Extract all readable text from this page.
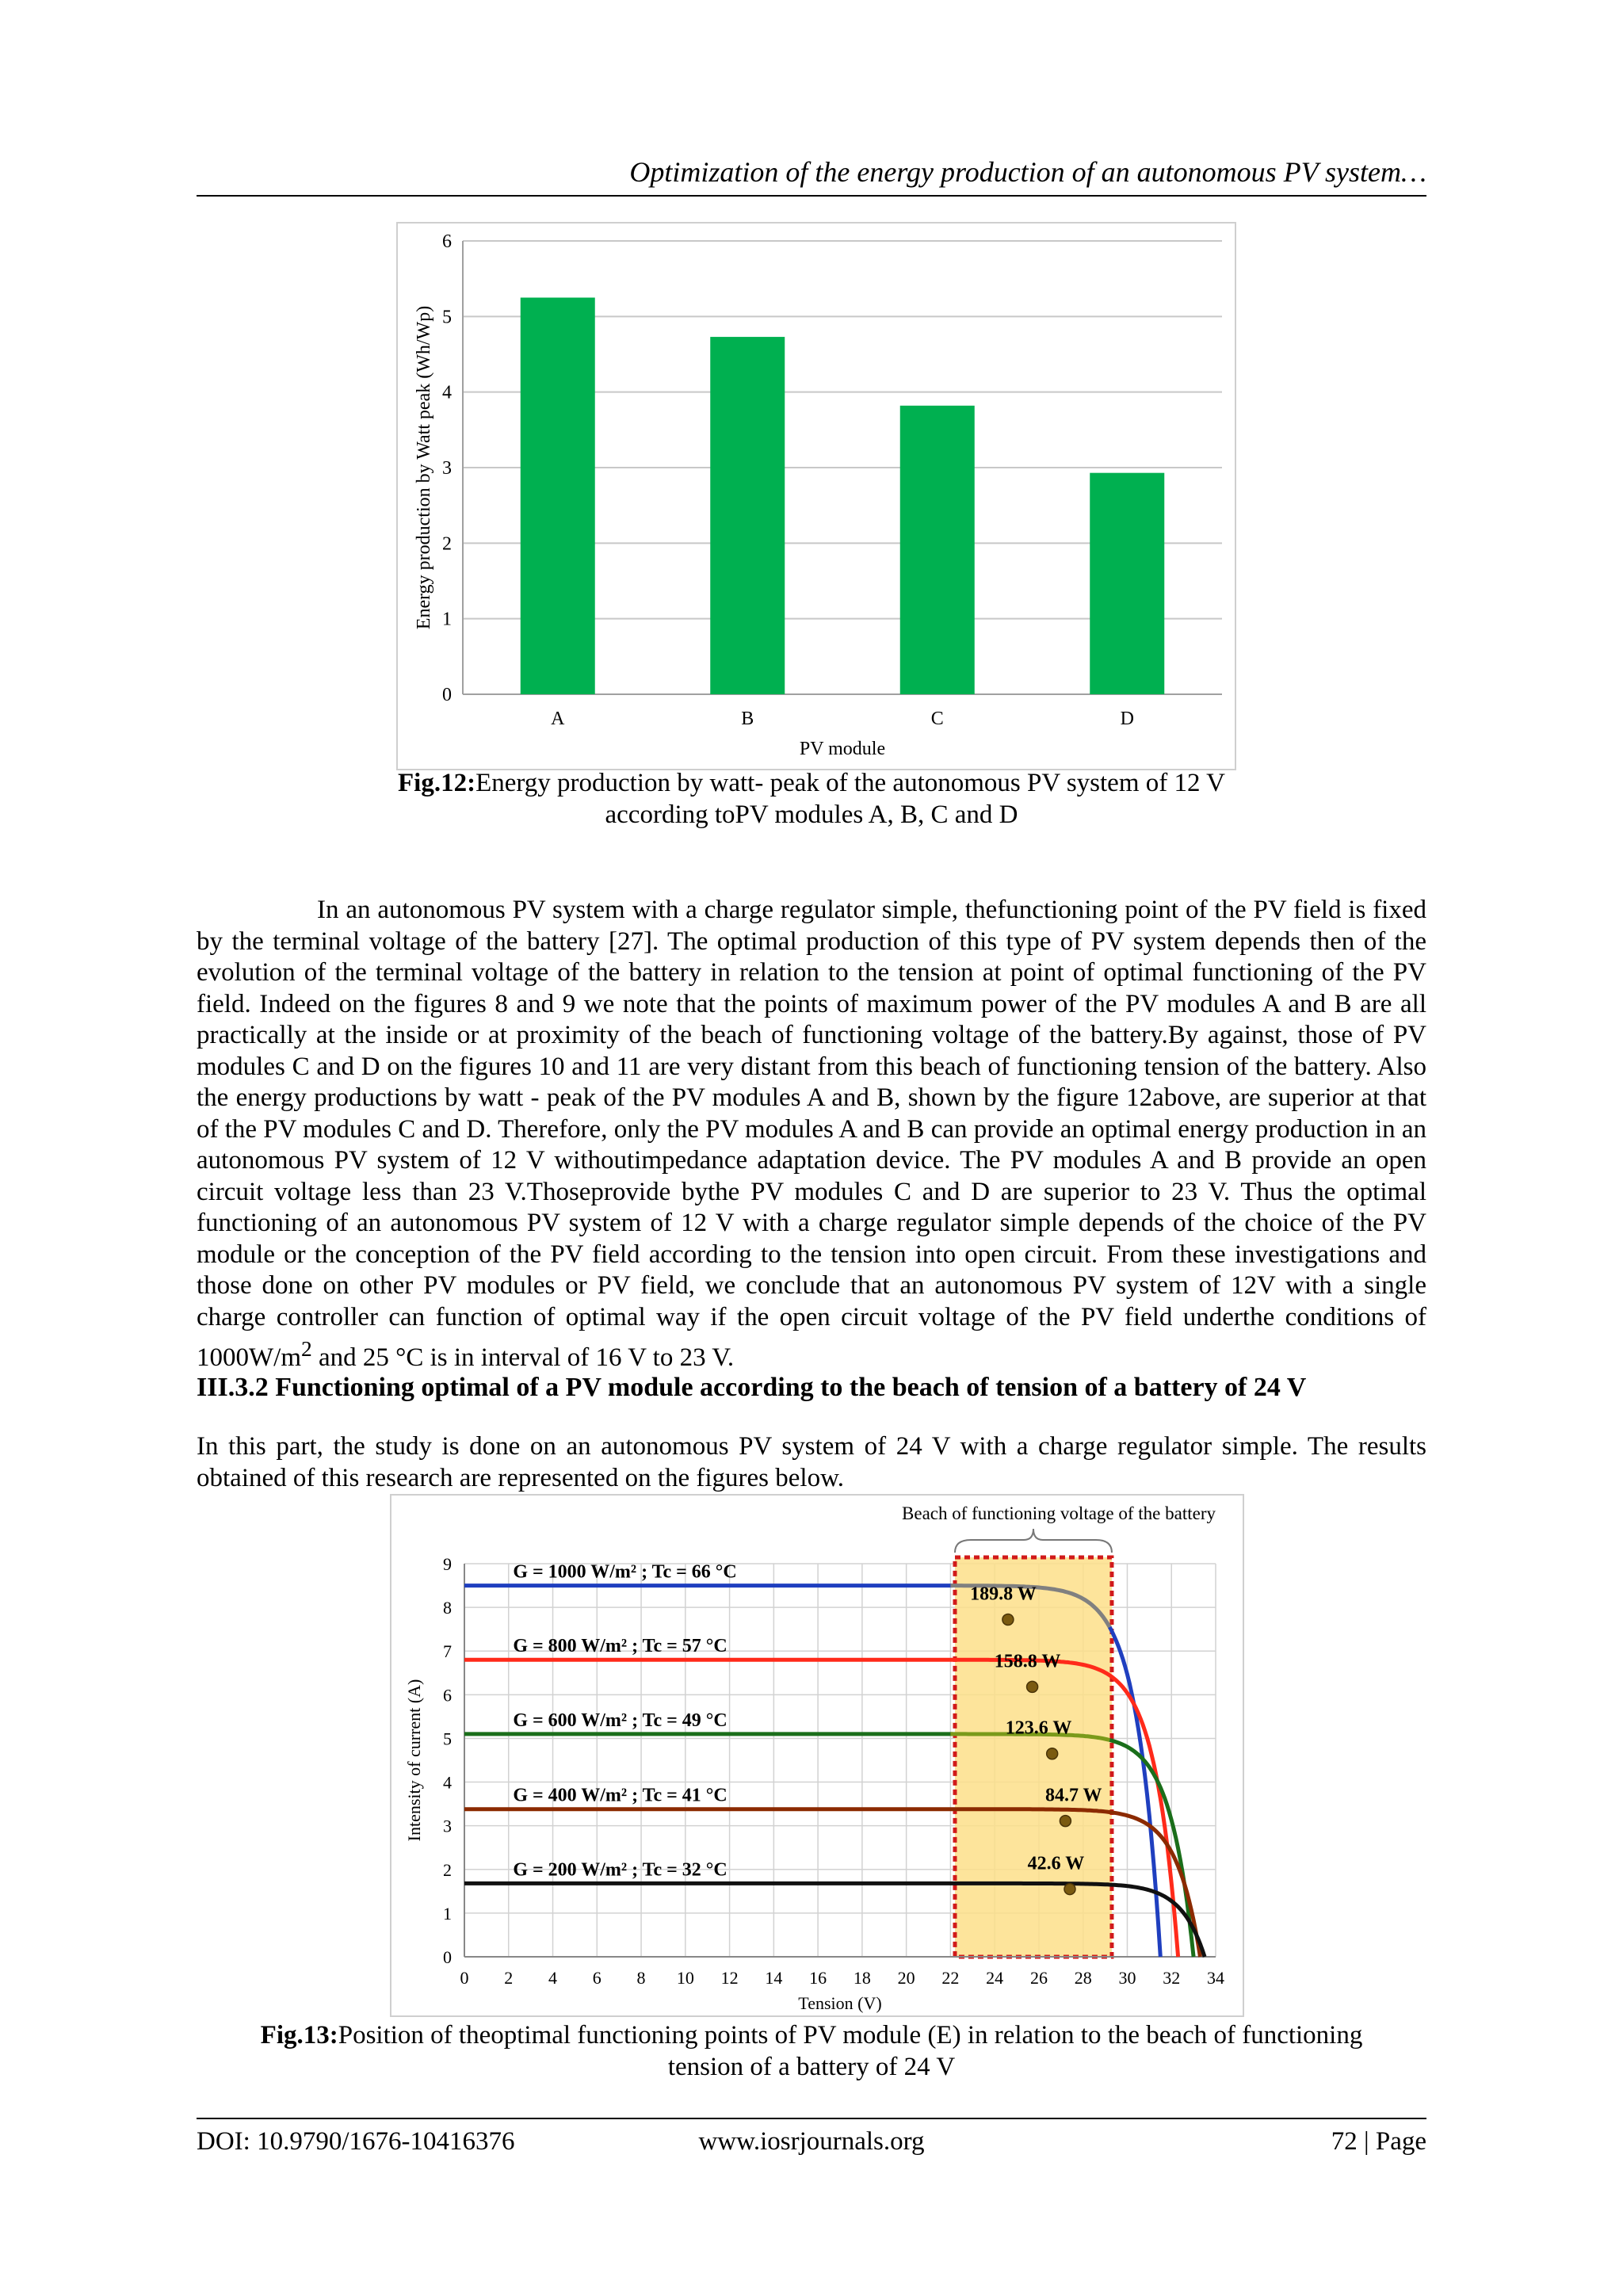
Optimization of the energy production of an autonomous PV system…
0
1
2
3
4
5
6
A	B	C	D
PV module
Energy production by Watt peak (Wh/Wp)
Fig.12:Energy production by watt- peak of the autonomous PV system of 12 V
according toPV modules A, B, C and D

In an autonomous PV system with a charge regulator simple, thefunctioning point of the PV field is fixed by the terminal voltage of the battery [27]. The optimal production of this type of PV system depends then of the evolution of the terminal voltage of the battery in relation to the tension at point of optimal functioning of the PV field. Indeed on the figures 8 and 9 we note that the points of maximum power of the PV modules A and B are all practically at the inside or at proximity of the beach of functioning voltage of the battery.By against, those of PV modules C and D on the figures 10 and 11 are very distant from this beach of functioning tension of the battery. Also the energy productions by watt - peak of the PV modules A and B, shown by the figure 12above, are superior at that of the PV modules C and D. Therefore, only the PV modules A and B can provide an optimal energy production in an autonomous PV system of 12 V withoutimpedance adaptation device. The PV modules A and B provide an open circuit voltage less than 23 V.Thoseprovide bythe PV modules C and D are superior to 23 V. Thus the optimal functioning of an autonomous PV system of 12 V with a charge regulator simple depends of the choice of the PV module or the conception of the PV field according to the tension into open circuit. From these investigations and those done on other PV modules or PV field, we conclude that an autonomous PV system of 12V with a single charge controller can function of optimal way if the open circuit voltage of the PV field underthe conditions of $1000W/m^2$ and 25 °C is in interval of 16 V to 23 V.

III.3.2 Functioning optimal of a PV module according to the beach of tension of a battery of 24 V

In this part, the study is done on an autonomous PV system of 24 V with a charge regulator simple. The results obtained of this research are represented on the figures below.

0 2 4 6 8 10 12 14 16 18 20 22 24 26 28 30 32 34
0
1
2
3
4
5
6
7
8
9
Beach of functioning voltage of the battery
G = 1000 W/m² ; Tc = 66 °C
189.8 W
G = 800 W/m² ; Tc = 57 °C
158.8 W
G = 600 W/m² ; Tc = 49 °C	123.6 W
G = 400 W/m² ; Tc = 41 °C	84.7 W
G = 200 W/m² ; Tc = 32 °C	42.6 W
Tension (V)
Intensity of current (A)
Fig.13:Position of theoptimal functioning points of PV module (E) in relation to the beach of functioning
tension of a battery of 24 V
DOI: 10.9790/1676-10416376	www.iosrjournals.org	72 | Page
